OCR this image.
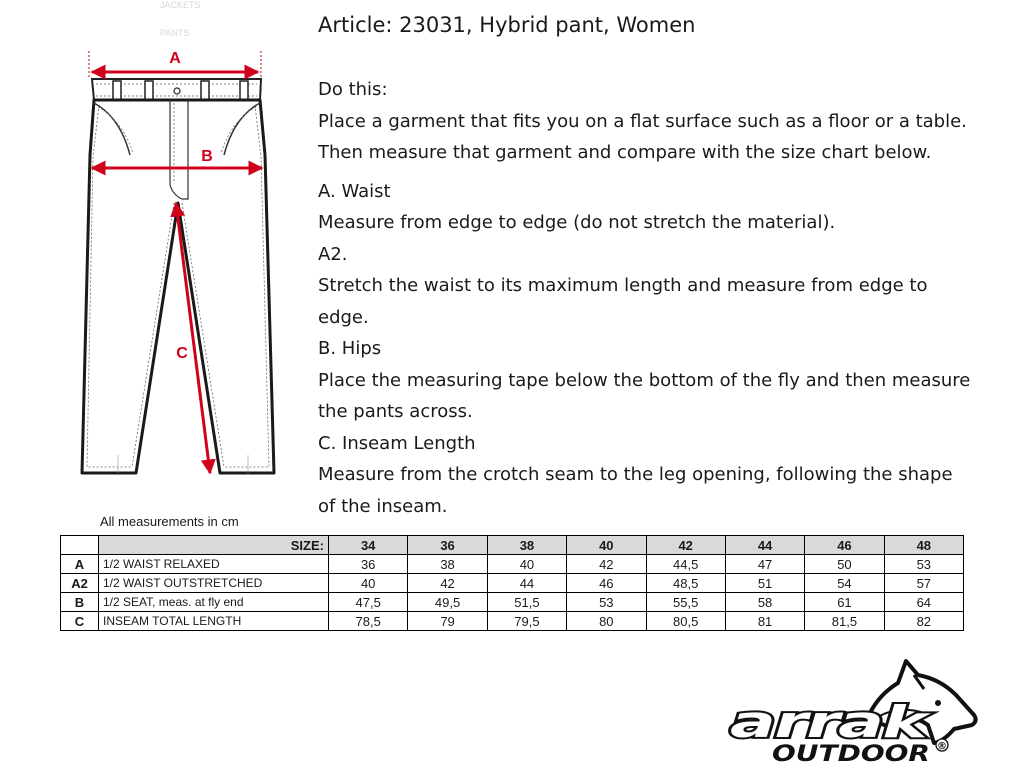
JACKETS
PANTS
A
B
C
Article: 23031, Hybrid pant, Women

Do this:

Place a garment that fits you on a flat surface such as a floor or a table.

Then measure that garment and compare with the size chart below.

A. Waist

Measure from edge to edge (do not stretch the material).

A2.

Stretch the waist to its maximum length and measure from edge to

edge.

B. Hips

Place the measuring tape below the bottom of the fly and then measure

the pants across.

C. Inseam Length

Measure from the crotch seam to the leg opening, following the shape

of the inseam.

All measurements in cm
	SIZE:	34	36	38	40	42	44	46	48
A	1/2 WAIST RELAXED	36	38	40	42	44,5	47	50	53
A2	1/2 WAIST OUTSTRETCHED	40	42	44	46	48,5	51	54	57
B	1/2 SEAT, meas. at fly end	47,5	49,5	51,5	53	55,5	58	61	64
C	INSEAM TOTAL LENGTH	78,5	79	79,5	80	80,5	81	81,5	82
arrak
OUTDOOR ®
